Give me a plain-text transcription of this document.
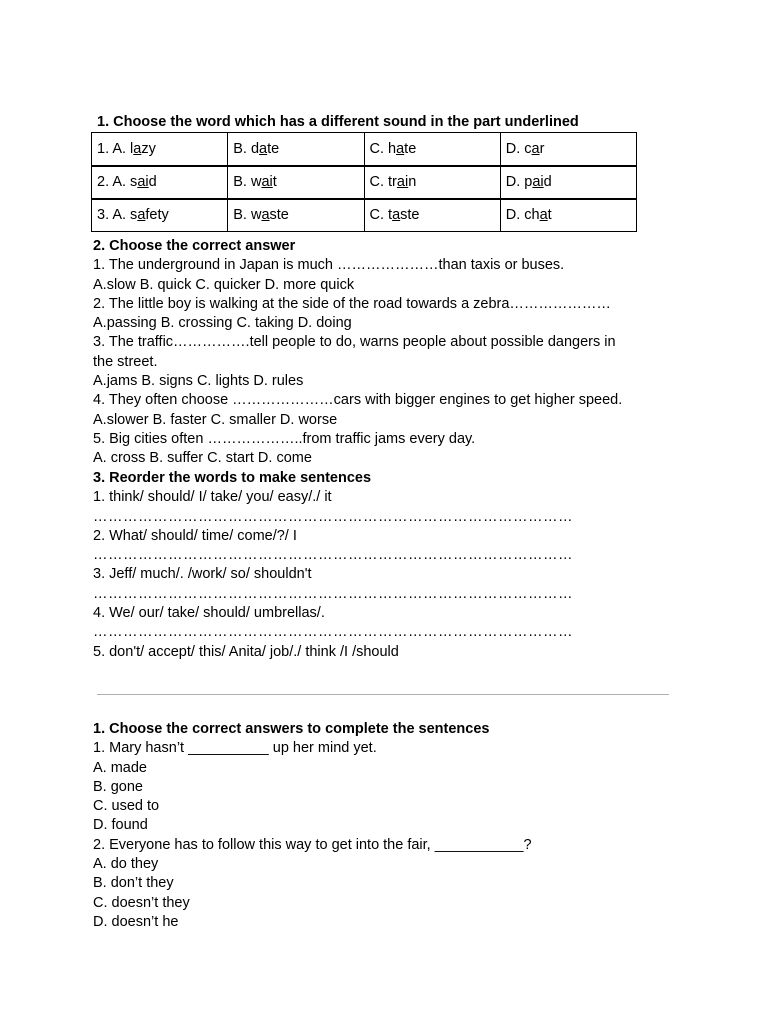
1. Choose the word which has a different sound in the part underlined
1. A. lazy	B. date	C. hate	D. car
2. A. said	B. wait	C. train	D. paid
3. A. safety	B. waste	C. taste	D. chat
2. Choose the correct answer
1. The underground in Japan is much …………………than taxis or buses.
A.slow B. quick C. quicker D. more quick
2. The little boy is walking at the side of the road towards a zebra…………………
A.passing B. crossing C. taking D. doing
3. The traffic…………….tell people to do, warns people about possible dangers in
the street.
A.jams B. signs C. lights D. rules
4. They often choose …………………cars with bigger engines to get higher speed.
A.slower B. faster C. smaller D. worse
5. Big cities often ………………..from traffic jams every day.
A. cross B. suffer C. start D. come
3. Reorder the words to make sentences
1. think/ should/ I/ take/ you/ easy/./ it
……………………………………………………………………………………
2. What/ should/ time/ come/?/ I
……………………………………………………………………………………
3. Jeff/ much/. /work/ so/ shouldn't
……………………………………………………………………………………
4. We/ our/ take/ should/ umbrellas/.
……………………………………………………………………………………
5. don't/ accept/ this/ Anita/ job/./ think /I /should
1. Choose the correct answers to complete the sentences
1. Mary hasn’t __________ up her mind yet.
A. made
B. gone
C. used to
D. found
2. Everyone has to follow this way to get into the fair, ___________?
A. do they
B. don’t they
C. doesn’t they
D. doesn’t he
